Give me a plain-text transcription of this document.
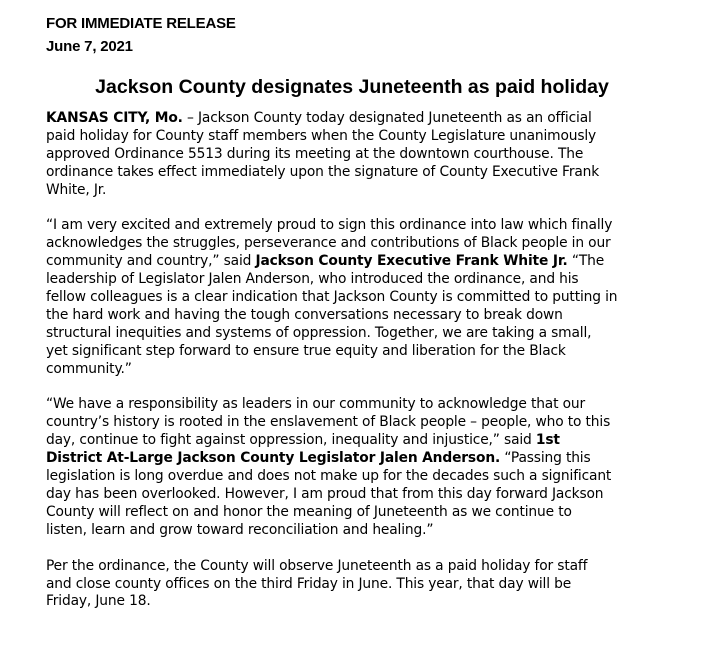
FOR IMMEDIATE RELEASE
June 7, 2021
Jackson County designates Juneteenth as paid holiday

KANSAS CITY, Mo. – Jackson County today designated Juneteenth as an official
paid holiday for County staff members when the County Legislature unanimously
approved Ordinance 5513 during its meeting at the downtown courthouse. The
ordinance takes effect immediately upon the signature of County Executive Frank
White, Jr.

“I am very excited and extremely proud to sign this ordinance into law which finally
acknowledges the struggles, perseverance and contributions of Black people in our
community and country,” said Jackson County Executive Frank White Jr. “The
leadership of Legislator Jalen Anderson, who introduced the ordinance, and his
fellow colleagues is a clear indication that Jackson County is committed to putting in
the hard work and having the tough conversations necessary to break down
structural inequities and systems of oppression. Together, we are taking a small,
yet significant step forward to ensure true equity and liberation for the Black
community.”

“We have a responsibility as leaders in our community to acknowledge that our
country’s history is rooted in the enslavement of Black people – people, who to this
day, continue to fight against oppression, inequality and injustice,” said 1st
District At-Large Jackson County Legislator Jalen Anderson. “Passing this
legislation is long overdue and does not make up for the decades such a significant
day has been overlooked. However, I am proud that from this day forward Jackson
County will reflect on and honor the meaning of Juneteenth as we continue to
listen, learn and grow toward reconciliation and healing.”

Per the ordinance, the County will observe Juneteenth as a paid holiday for staff
and close county offices on the third Friday in June. This year, that day will be
Friday, June 18.
